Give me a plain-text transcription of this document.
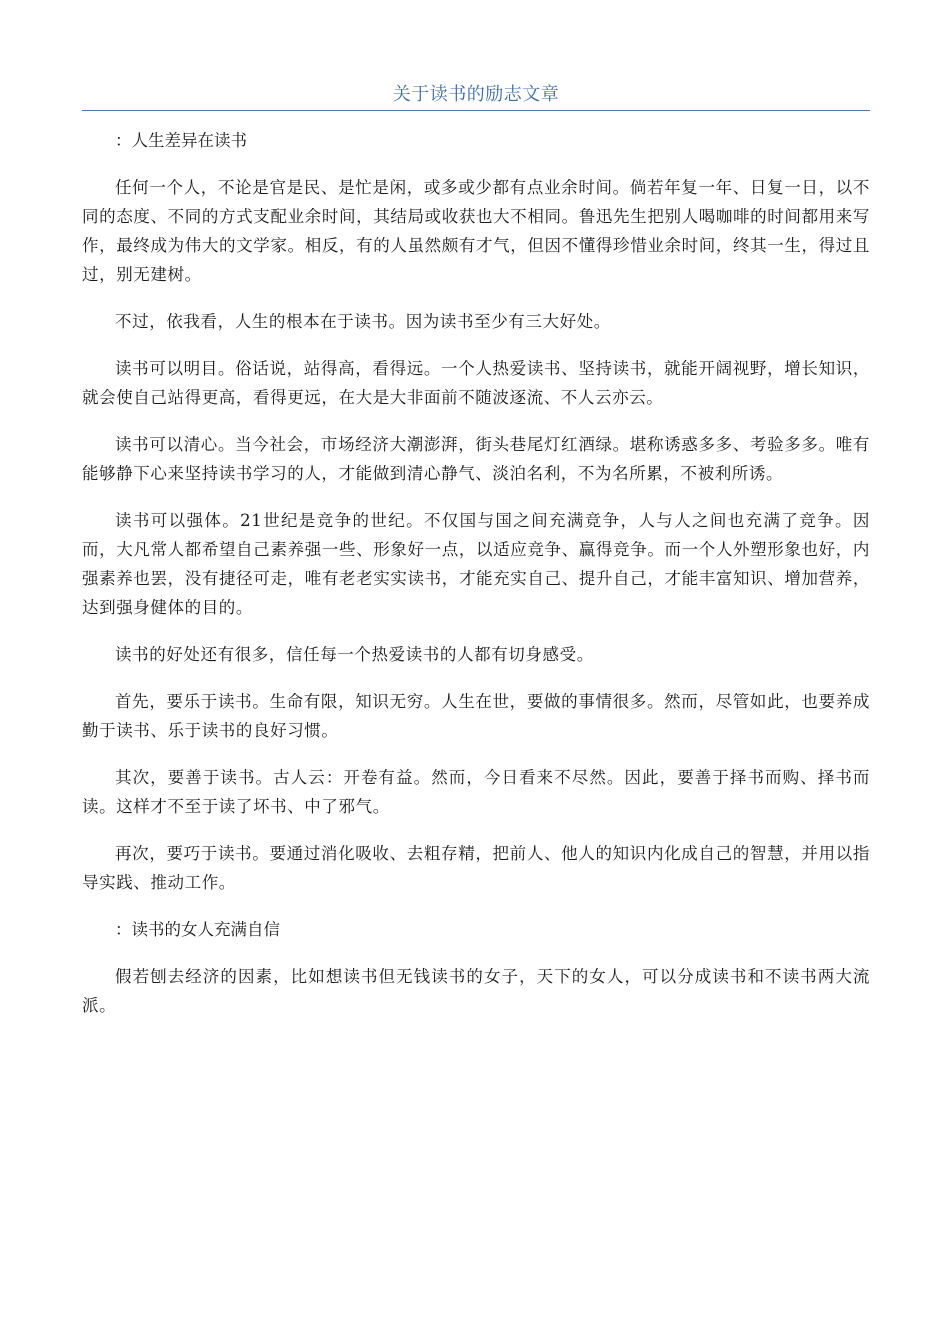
关于读书的励志文章
：人生差异在读书

任何一个人，不论是官是民、是忙是闲，或多或少都有点业余时间。倘若年复一年、日复一日，以不同的态度、不同的方式支配业余时间，其结局或收获也大不相同。鲁迅先生把别人喝咖啡的时间都用来写作，最终成为伟大的文学家。相反，有的人虽然颇有才气，但因不懂得珍惜业余时间，终其一生，得过且过，别无建树。

不过，依我看，人生的根本在于读书。因为读书至少有三大好处。

读书可以明目。俗话说，站得高，看得远。一个人热爱读书、坚持读书，就能开阔视野，增长知识，就会使自己站得更高，看得更远，在大是大非面前不随波逐流、不人云亦云。

读书可以清心。当今社会，市场经济大潮澎湃，街头巷尾灯红酒绿。堪称诱惑多多、考验多多。唯有能够静下心来坚持读书学习的人，才能做到清心静气、淡泊名利，不为名所累，不被利所诱。

读书可以强体。21世纪是竞争的世纪。不仅国与国之间充满竞争，人与人之间也充满了竞争。因而，大凡常人都希望自己素养强一些、形象好一点，以适应竞争、赢得竞争。而一个人外塑形象也好，内强素养也罢，没有捷径可走，唯有老老实实读书，才能充实自己、提升自己，才能丰富知识、增加营养，达到强身健体的目的。

读书的好处还有很多，信任每一个热爱读书的人都有切身感受。

首先，要乐于读书。生命有限，知识无穷。人生在世，要做的事情很多。然而，尽管如此，也要养成勤于读书、乐于读书的良好习惯。

其次，要善于读书。古人云：开卷有益。然而，今日看来不尽然。因此，要善于择书而购、择书而读。这样才不至于读了坏书、中了邪气。

再次，要巧于读书。要通过消化吸收、去粗存精，把前人、他人的知识内化成自己的智慧，并用以指导实践、推动工作。

：读书的女人充满自信

假若刨去经济的因素，比如想读书但无钱读书的女子，天下的女人，可以分成读书和不读书两大流派。
